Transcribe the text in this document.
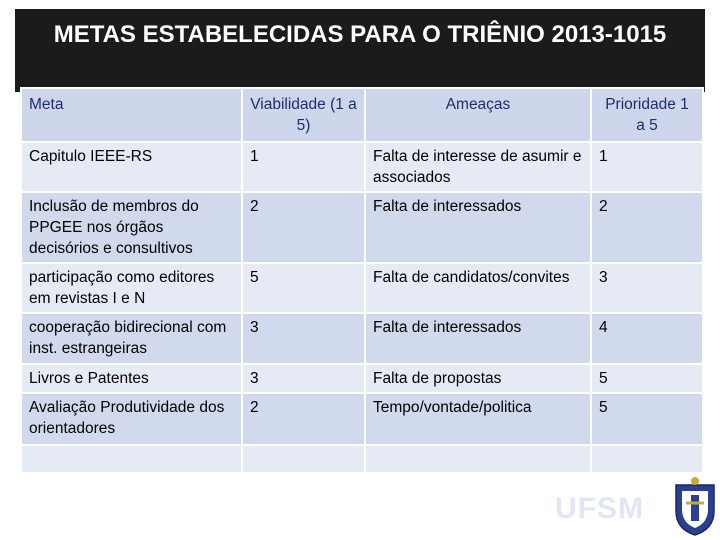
METAS ESTABELECIDAS PARA O TRIÊNIO 2013-1015
Meta	Viabilidade (1 a 5)	Ameaças	Prioridade 1 a 5
Capitulo IEEE-RS	1	Falta de interesse de asumir e associados	1
Inclusão de membros do PPGEE nos órgãos decisórios e consultivos	2	Falta de interessados	2
participação como editores em revistas I e N	5	Falta de candidatos/convites	3
cooperação bidirecional com inst. estrangeiras	3	Falta de interessados	4
Livros e Patentes	3	Falta de propostas	5
Avaliação Produtividade dos orientadores	2	Tempo/vontade/politica	5

UFSM
